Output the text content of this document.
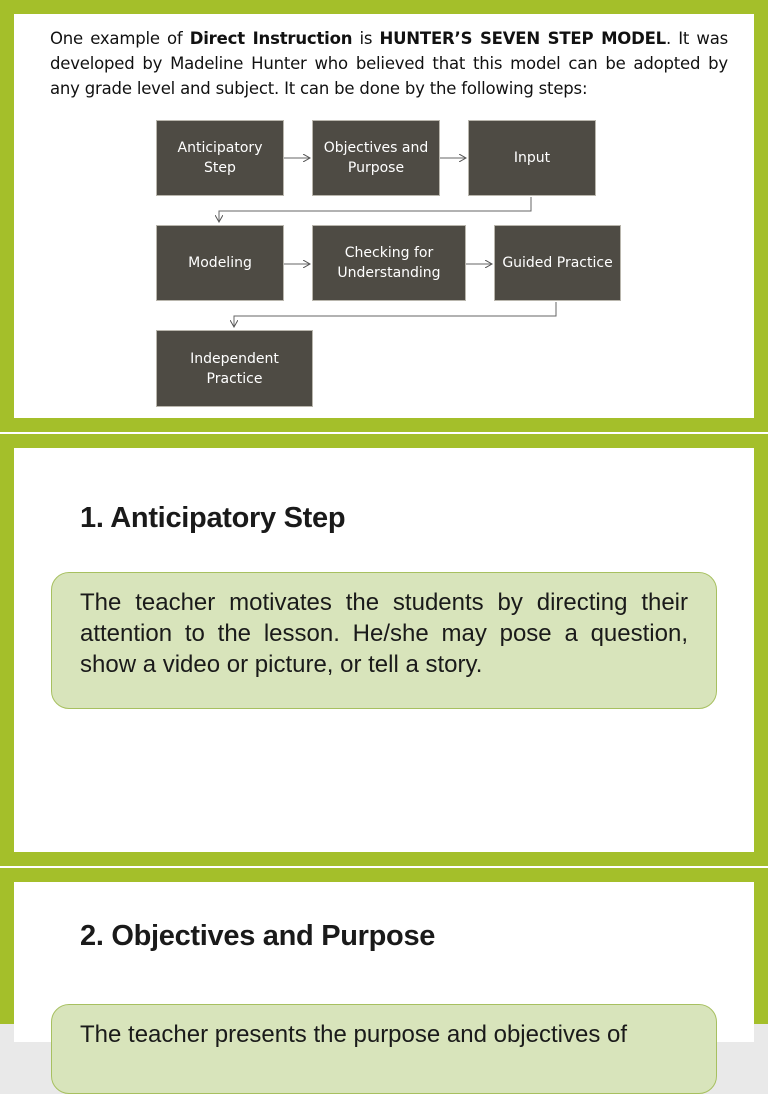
One example of Direct Instruction is HUNTER’S SEVEN STEP MODEL. It was developed by Madeline Hunter who believed that this model can be adopted by any grade level and subject. It can be done by the following steps:

Anticipatory Step
Objectives and Purpose
Input
Modeling
Checking for Understanding
Guided Practice
Independent Practice
1. Anticipatory Step
The teacher motivates the students by directing their attention to the lesson. He/she may pose a question, show a video or picture, or tell a story.
2. Objectives and Purpose
The teacher presents the purpose and objectives of
